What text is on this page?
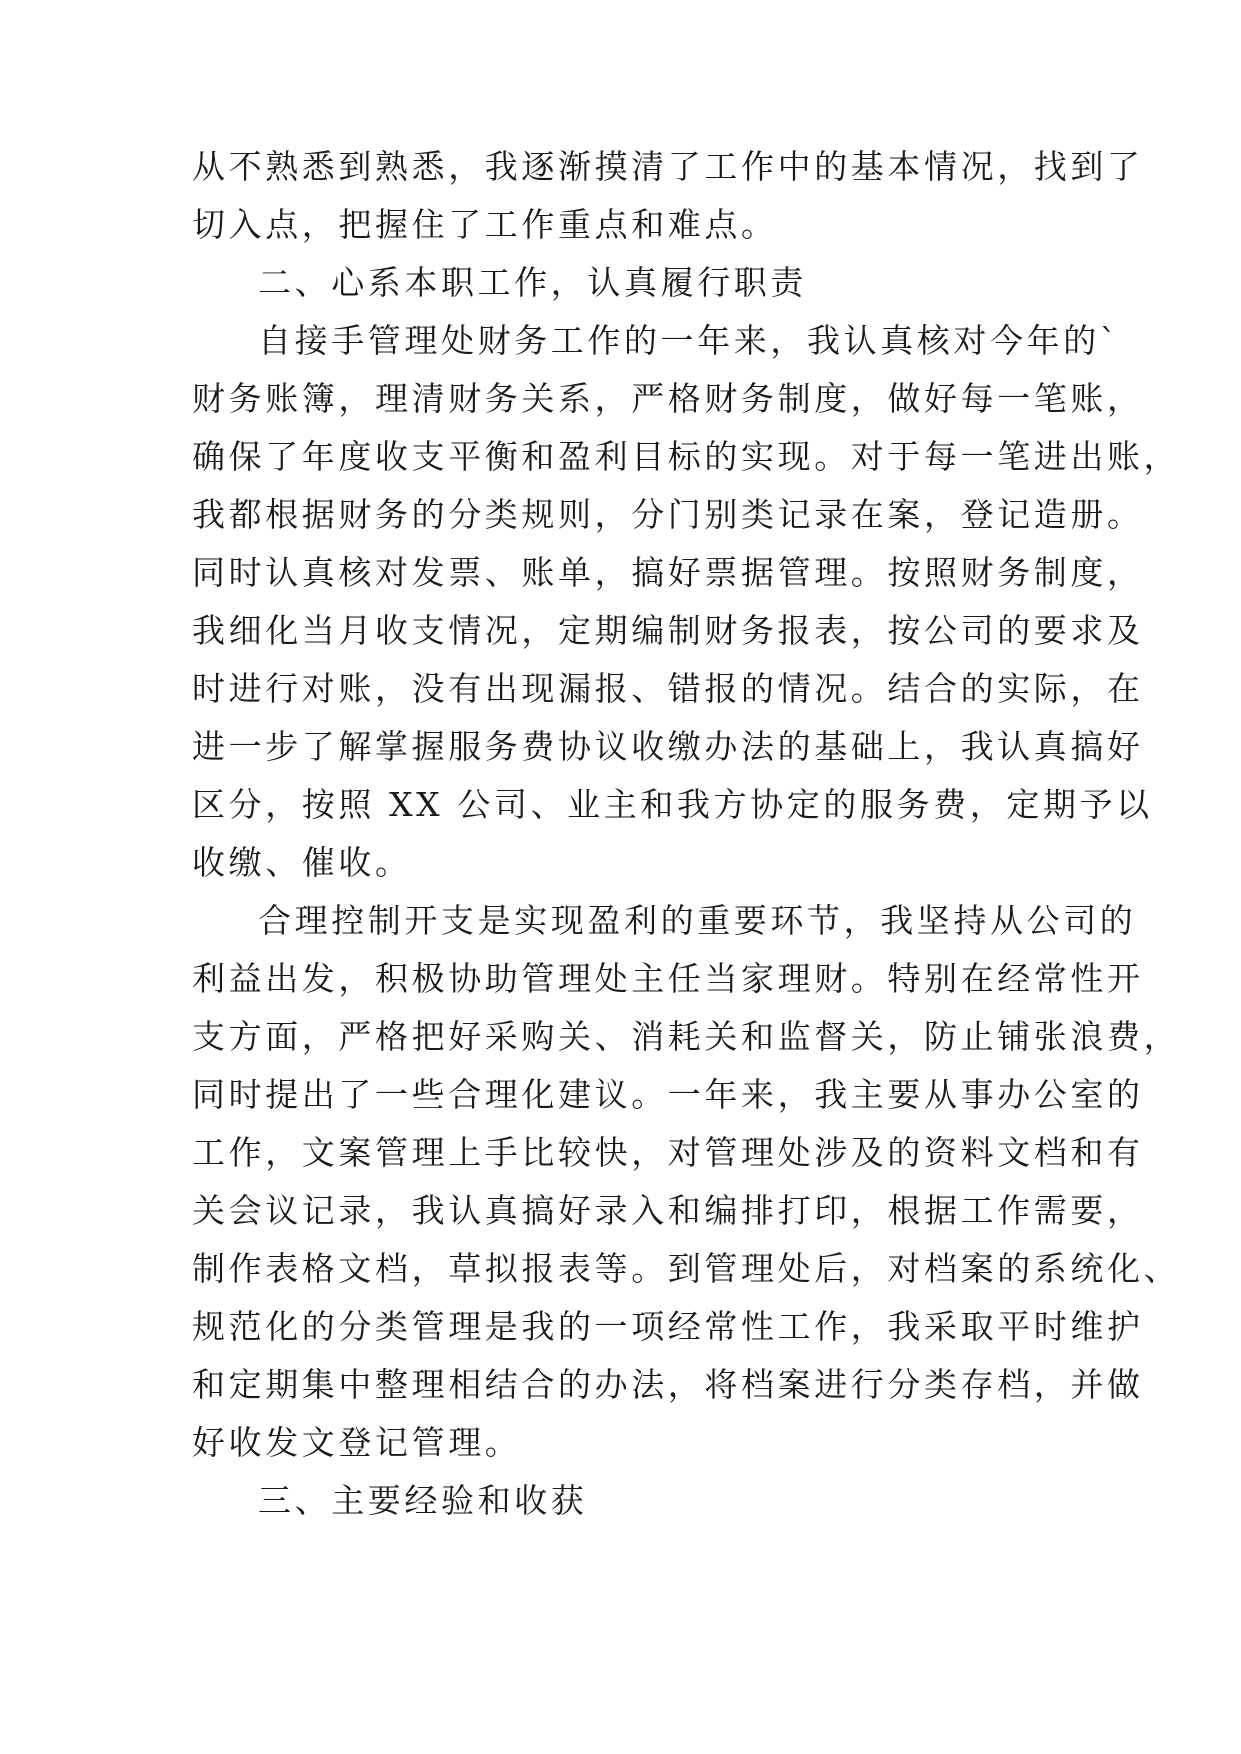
从不熟悉到熟悉，我逐渐摸清了工作中的基本情况，找到了
切入点，把握住了工作重点和难点。
二、心系本职工作，认真履行职责
自接手管理处财务工作的一年来，我认真核对今年的`
财务账簿，理清财务关系，严格财务制度，做好每一笔账，
确保了年度收支平衡和盈利目标的实现。对于每一笔进出账，
我都根据财务的分类规则，分门别类记录在案，登记造册。
同时认真核对发票、账单，搞好票据管理。按照财务制度，
我细化当月收支情况，定期编制财务报表，按公司的要求及
时进行对账，没有出现漏报、错报的情况。结合的实际，在
进一步了解掌握服务费协议收缴办法的基础上，我认真搞好
区分，按照 XX 公司、业主和我方协定的服务费，定期予以
收缴、催收。
合理控制开支是实现盈利的重要环节，我坚持从公司的
利益出发，积极协助管理处主任当家理财。特别在经常性开
支方面，严格把好采购关、消耗关和监督关，防止铺张浪费，
同时提出了一些合理化建议。一年来，我主要从事办公室的
工作，文案管理上手比较快，对管理处涉及的资料文档和有
关会议记录，我认真搞好录入和编排打印，根据工作需要，
制作表格文档，草拟报表等。到管理处后，对档案的系统化、
规范化的分类管理是我的一项经常性工作，我采取平时维护
和定期集中整理相结合的办法，将档案进行分类存档，并做
好收发文登记管理。
三、主要经验和收获
